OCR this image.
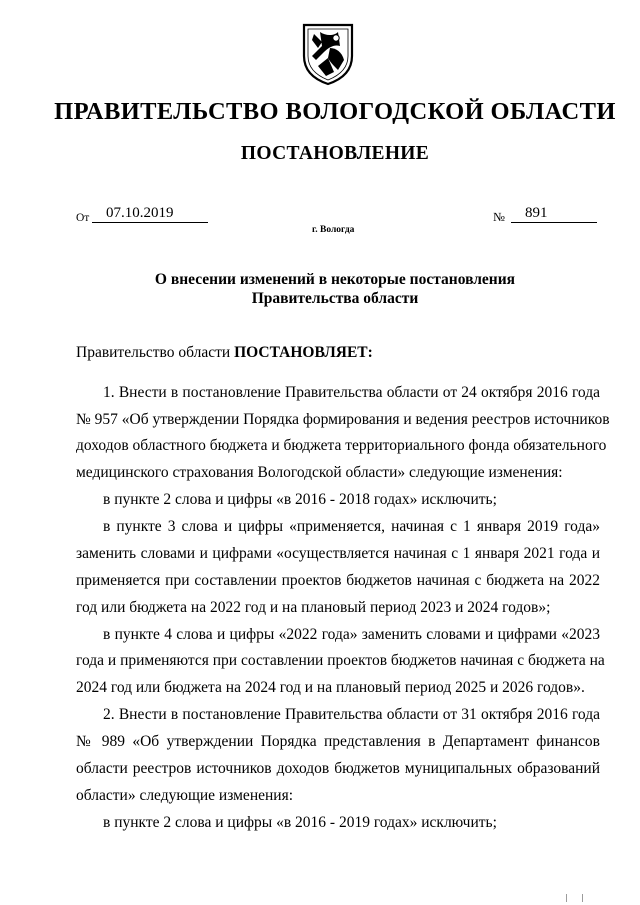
ПРАВИТЕЛЬСТВО ВОЛОГОДСКОЙ ОБЛАСТИ
ПОСТАНОВЛЕНИЕ
От	07.10.2019	№	891
г. Вологда
О внесении изменений в некоторые постановления
Правительства области
Правительство области ПОСТАНОВЛЯЕТ:
1. Внести в постановление Правительства области от 24 октября 2016 года
№ 957 «Об утверждении Порядка формирования и ведения реестров источников
доходов областного бюджета и бюджета территориального фонда обязательного
медицинского страхования Вологодской области» следующие изменения:
в пункте 2 слова и цифры «в 2016 - 2018 годах» исключить;
в пункте 3 слова и цифры «применяется, начиная с 1 января 2019 года»
заменить словами и цифрами «осуществляется начиная с 1 января 2021 года и
применяется при составлении проектов бюджетов начиная с бюджета на 2022
год или бюджета на 2022 год и на плановый период 2023 и 2024 годов»;
в пункте 4 слова и цифры «2022 года» заменить словами и цифрами «2023
года и применяются при составлении проектов бюджетов начиная с бюджета на
2024 год или бюджета на 2024 год и на плановый период 2025 и 2026 годов».
2. Внести в постановление Правительства области от 31 октября 2016 года
№ 989 «Об утверждении Порядка представления в Департамент финансов
области реестров источников доходов бюджетов муниципальных образований
области» следующие изменения:
в пункте 2 слова и цифры «в 2016 - 2019 годах» исключить;
| |
